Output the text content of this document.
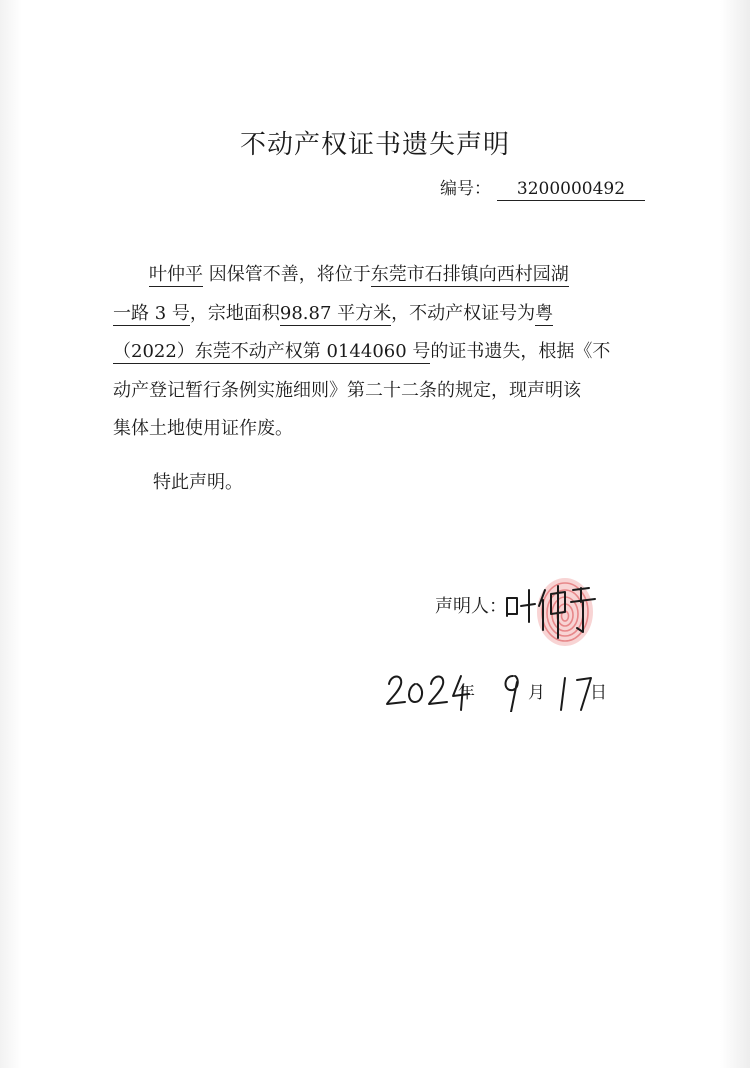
不动产权证书遗失声明
编号： 3200000492
叶仲平 因保管不善，将位于东莞市石排镇向西村园湖
一路 3 号，宗地面积98.87 平方米，不动产权证号为粤
（2022）东莞不动产权第 0144060 号的证书遗失，根据《不
动产登记暂行条例实施细则》第二十二条的规定，现声明该
集体土地使用证作废。
特此声明。
声明人：
年	月	日
